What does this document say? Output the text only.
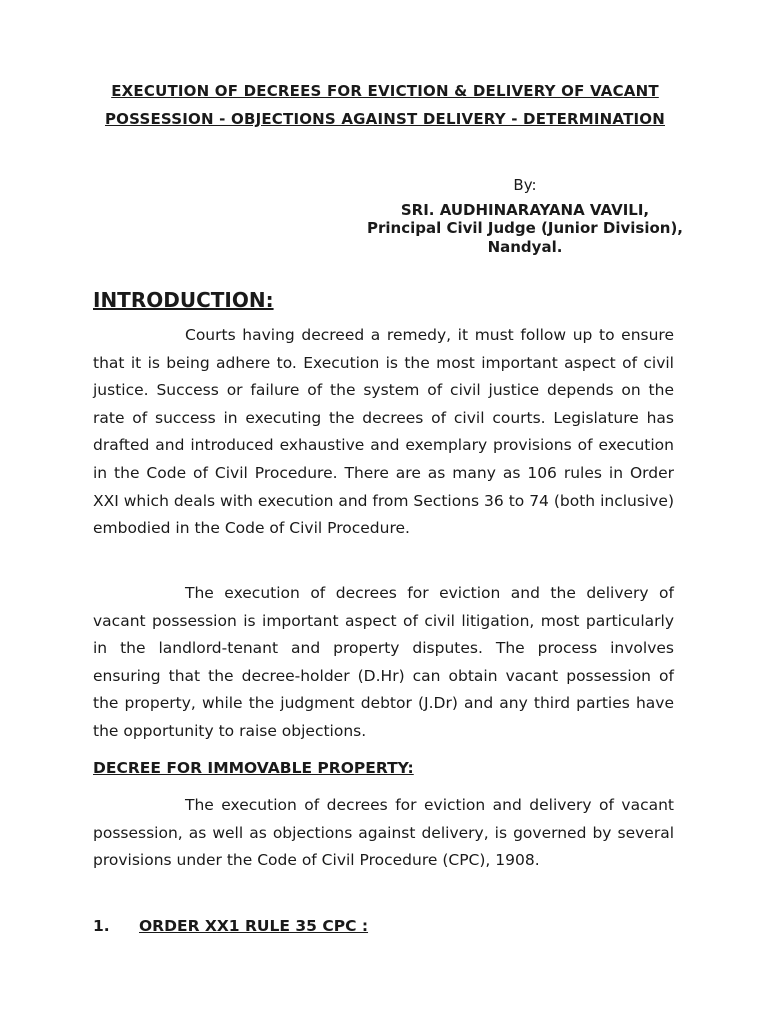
EXECUTION OF DECREES FOR EVICTION & DELIVERY OF VACANT POSSESSION - OBJECTIONS AGAINST DELIVERY - DETERMINATION
By:
SRI. AUDHINARAYANA VAVILI,
Principal Civil Judge (Junior Division),
Nandyal.
INTRODUCTION:

Courts having decreed a remedy, it must follow up to ensure that it is being adhere to. Execution is the most important aspect of civil justice. Success or failure of the system of civil justice depends on the rate of success in executing the decrees of civil courts. Legislature has drafted and introduced exhaustive and exemplary provisions of execution in the Code of Civil Procedure. There are as many as 106 rules in Order XXI which deals with execution and from Sections 36 to 74 (both inclusive) embodied in the Code of Civil Procedure.

The execution of decrees for eviction and the delivery of vacant possession is important aspect of civil litigation, most particularly in the landlord-tenant and property disputes. The process involves ensuring that the decree-holder (D.Hr) can obtain vacant possession of the property, while the judgment debtor (J.Dr) and any third parties have the opportunity to raise objections.

DECREE FOR IMMOVABLE PROPERTY:

The execution of decrees for eviction and delivery of vacant possession, as well as objections against delivery, is governed by several provisions under the Code of Civil Procedure (CPC), 1908.

1. ORDER XX1 RULE 35 CPC :
